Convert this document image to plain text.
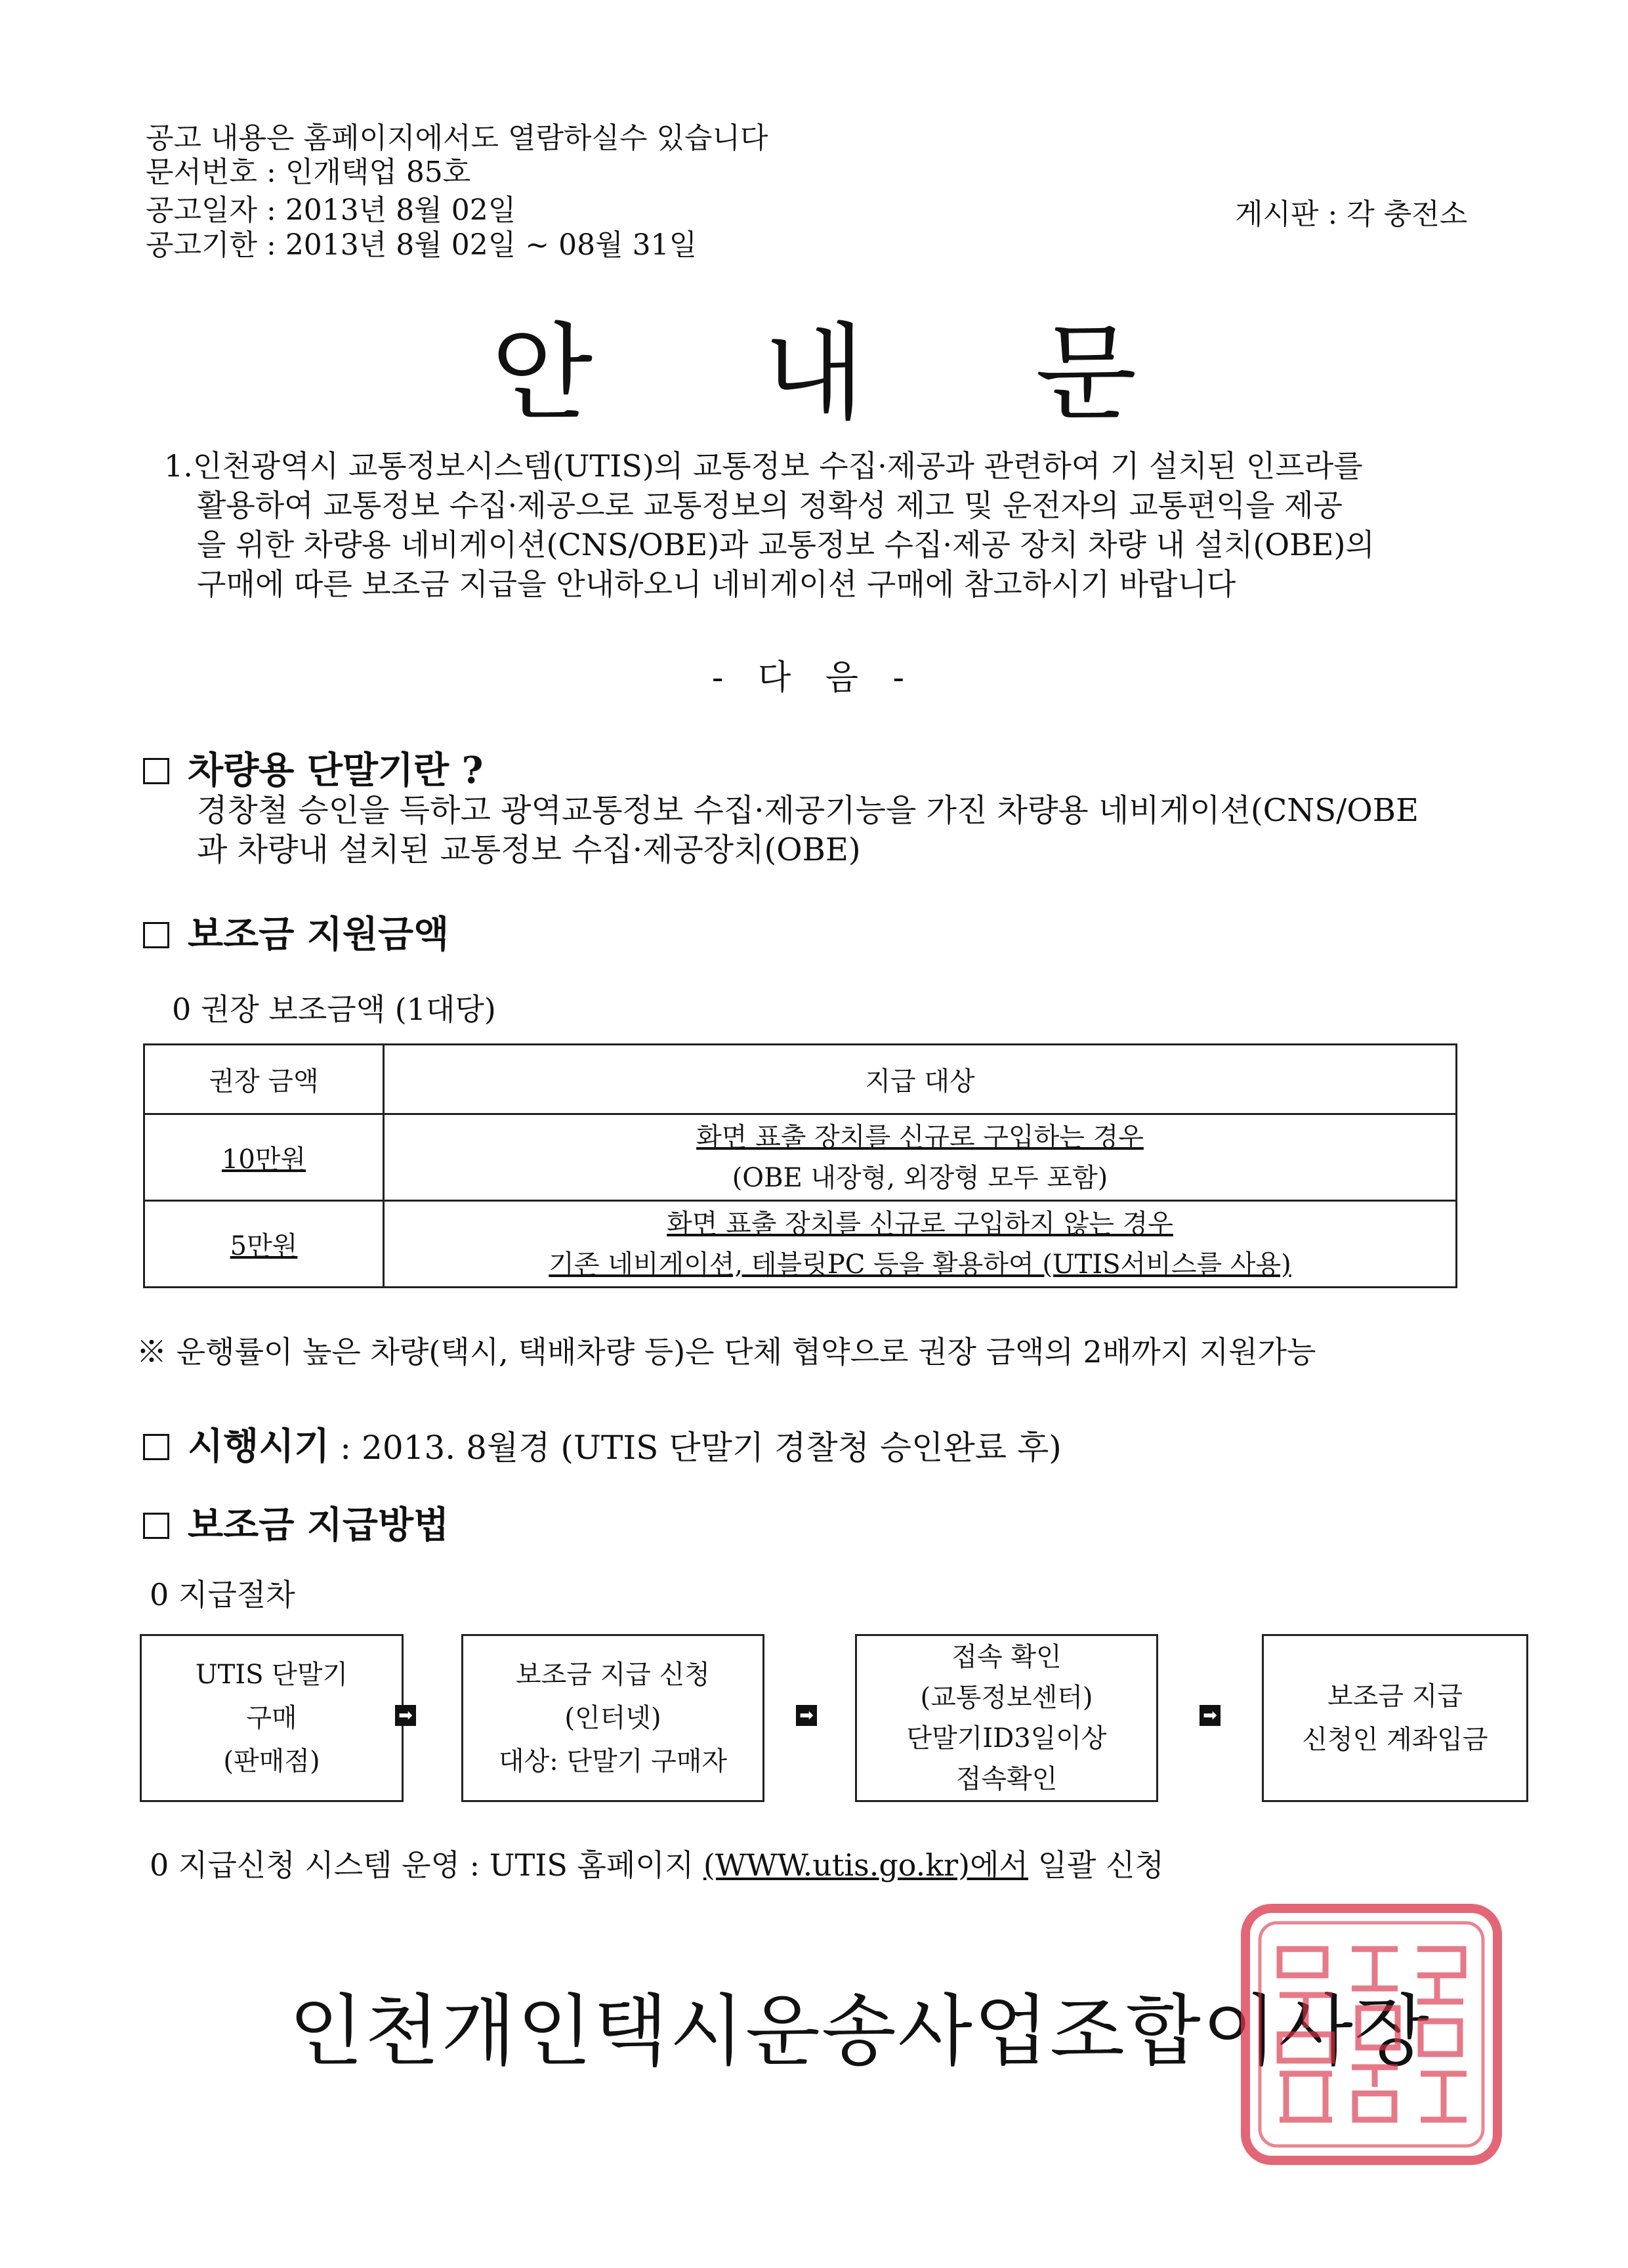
공고 내용은 홈페이지에서도 열람하실수 있습니다
문서번호 : 인개택업 85호
공고일자 : 2013년 8월 02일
공고기한 : 2013년 8월 02일 ~ 08월 31일
게시판 : 각 충전소
안 내 문
1.인천광역시 교통정보시스템(UTIS)의 교통정보 수집·제공과 관련하여 기 설치된 인프라를
활용하여 교통정보 수집·제공으로 교통정보의 정확성 제고 및 운전자의 교통편익을 제공
을 위한 차량용 네비게이션(CNS/OBE)과 교통정보 수집·제공 장치 차량 내 설치(OBE)의
구매에 따른 보조금 지급을 안내하오니 네비게이션 구매에 참고하시기 바랍니다
- 다 음 -
차량용 단말기란 ?
경창철 승인을 득하고 광역교통정보 수집·제공기능을 가진 차량용 네비게이션(CNS/OBE
과 차량내 설치된 교통정보 수집·제공장치(OBE)
보조금 지원금액
0 권장 보조금액 (1대당)
권장 금액	지급 대상
10만원	화면 표출 장치를 신규로 구입하는 경우
(OBE 내장형, 외장형 모두 포함)

5만원	화면 표출 장치를 신규로 구입하지 않는 경우
기존 네비게이션, 테블릿PC 등을 활용하여 (UTIS서비스를 사용)
※ 운행률이 높은 차량(택시, 택배차량 등)은 단체 협약으로 권장 금액의 2배까지 지원가능
시행시기 : 2013. 8월경 (UTIS 단말기 경찰청 승인완료 후)
보조금 지급방법
0 지급절차
UTIS 단말기
구매
(판매점)
➡
보조금 지급 신청
(인터넷)
대상: 단말기 구매자
➡
접속 확인
(교통정보센터)
단말기ID3일이상
접속확인
➡
보조금 지급
신청인 계좌입금
0 지급신청 시스템 운영 : UTIS 홈페이지 (WWW.utis.go.kr)에서 일괄 신청
인천개인택시운송사업조합이사장
